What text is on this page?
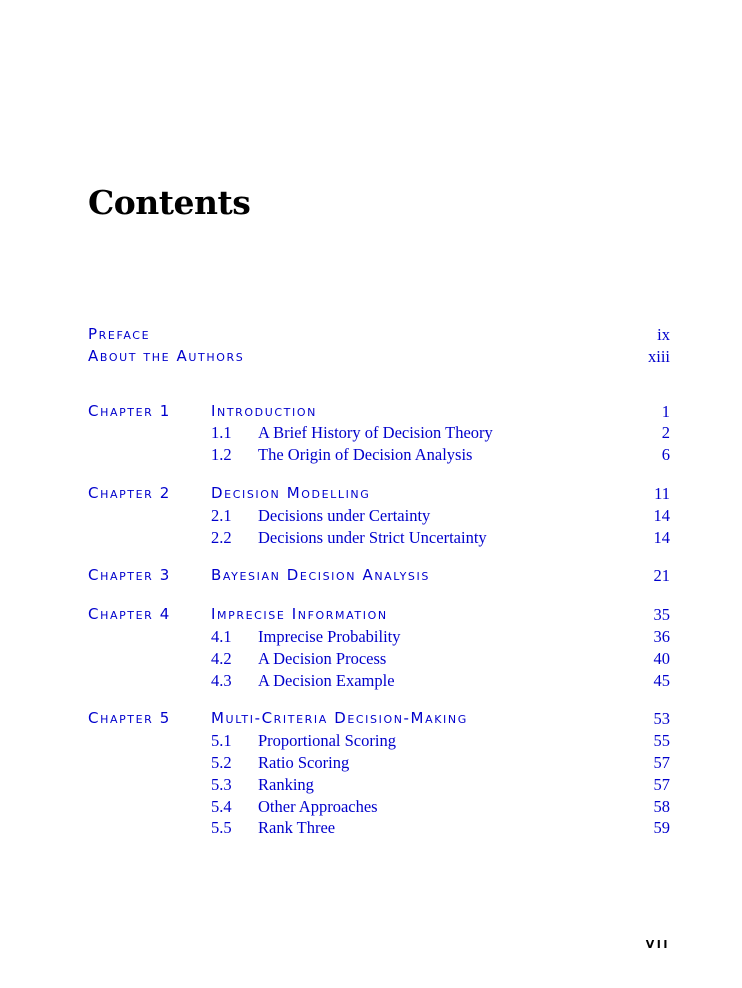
Contents
Preface	ix
About the Authors	xiii
Chapter 1	Introduction	1
1.1 A Brief History of Decision Theory	2
1.2 The Origin of Decision Analysis	6
Chapter 2	Decision Modelling	11
2.1 Decisions under Certainty	14
2.2 Decisions under Strict Uncertainty	14
Chapter 3	Bayesian Decision Analysis	21
Chapter 4	Imprecise Information	35
4.1 Imprecise Probability	36
4.2 A Decision Process	40
4.3 A Decision Example	45
Chapter 5	Multi-Criteria Decision-Making	53
5.1 Proportional Scoring	55
5.2 Ratio Scoring	57
5.3 Ranking	57
5.4 Other Approaches	58
5.5 Rank Three	59
vii
